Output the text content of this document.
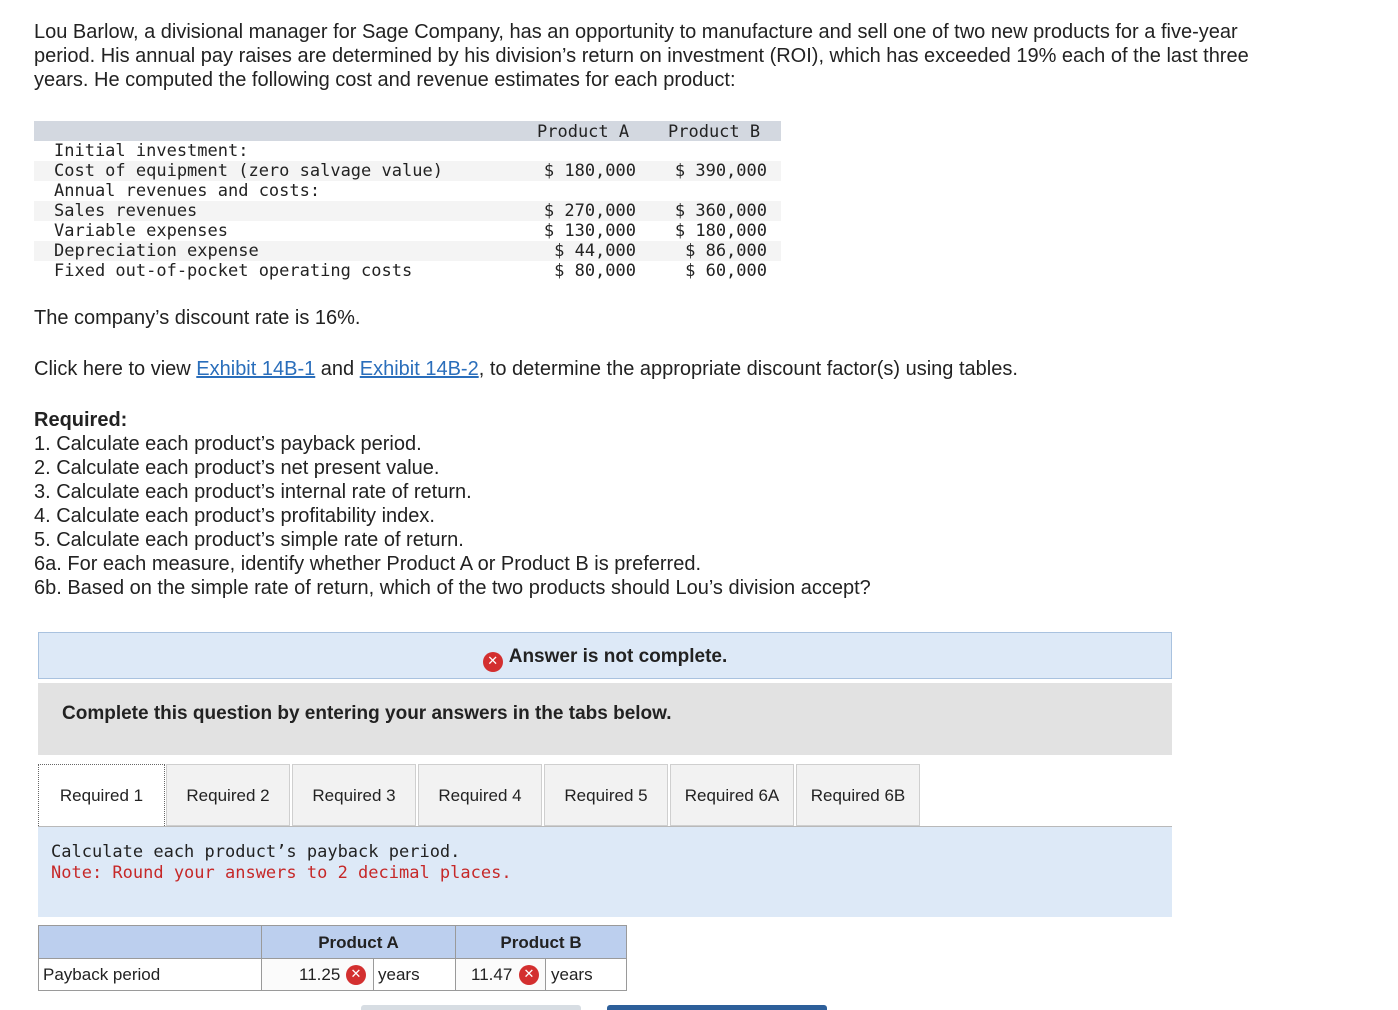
Lou Barlow, a divisional manager for Sage Company, has an opportunity to manufacture and sell one of two new products for a five-year period. His annual pay raises are determined by his division’s return on investment (ROI), which has exceeded 19% each of the last three years. He computed the following cost and revenue estimates for each product:
Product A Product B
Initial investment:
Cost of equipment (zero salvage value)	$ 180,000 $ 390,000
Annual revenues and costs:
Sales revenues	$ 270,000 $ 360,000
Variable expenses	$ 130,000 $ 180,000
Depreciation expense	$ 44,000	$ 86,000
Fixed out-of-pocket operating costs	$ 80,000	$ 60,000
The company’s discount rate is 16%.
Click here to view Exhibit 14B-1 and Exhibit 14B-2, to determine the appropriate discount factor(s) using tables.
Required:
1. Calculate each product’s payback period.
2. Calculate each product’s net present value.
3. Calculate each product’s internal rate of return.
4. Calculate each product’s profitability index.
5. Calculate each product’s simple rate of return.
6a. For each measure, identify whether Product A or Product B is preferred.
6b. Based on the simple rate of return, which of the two products should Lou’s division accept?
✕ Answer is not complete.
Complete this question by entering your answers in the tabs below.
Required 1	Required 2	Required 3	Required 4	Required 5	Required 6A	Required 6B
Calculate each product’s payback period.
Note: Round your answers to 2 decimal places.
Product A	Product B
Payback period	11.25 ✕ years	11.47 ✕ years
